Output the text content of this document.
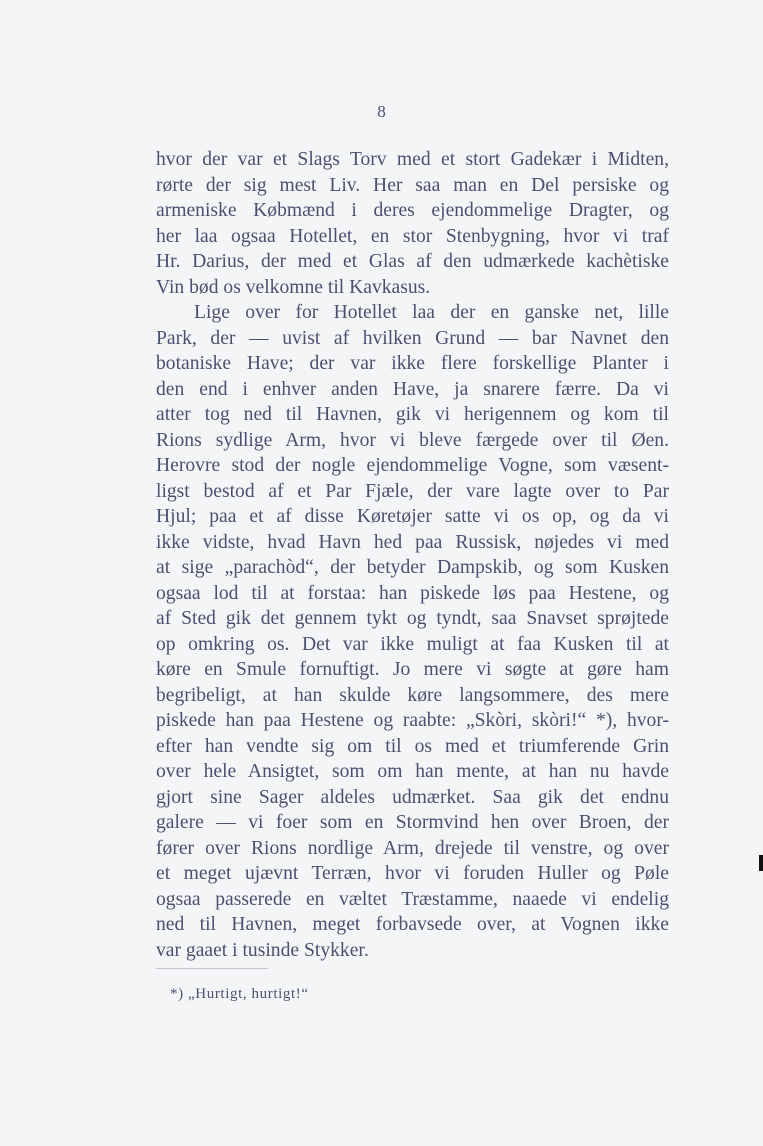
8
hvor der var et Slags Torv med et stort Gadekær i Midten,
rørte der sig mest Liv. Her saa man en Del persiske og
armeniske Købmænd i deres ejendommelige Dragter, og
her laa ogsaa Hotellet, en stor Stenbygning, hvor vi traf
Hr. Darius, der med et Glas af den udmærkede kachètiske
Vin bød os velkomne til Kavkasus.
Lige over for Hotellet laa der en ganske net, lille
Park, der — uvist af hvilken Grund — bar Navnet den
botaniske Have; der var ikke flere forskellige Planter i
den end i enhver anden Have, ja snarere færre. Da vi
atter tog ned til Havnen, gik vi herigennem og kom til
Rions sydlige Arm, hvor vi bleve færgede over til Øen.
Herovre stod der nogle ejendommelige Vogne, som væsent-
ligst bestod af et Par Fjæle, der vare lagte over to Par
Hjul; paa et af disse Køretøjer satte vi os op, og da vi
ikke vidste, hvad Havn hed paa Russisk, nøjedes vi med
at sige „parachòd“, der betyder Dampskib, og som Kusken
ogsaa lod til at forstaa: han piskede løs paa Hestene, og
af Sted gik det gennem tykt og tyndt, saa Snavset sprøjtede
op omkring os. Det var ikke muligt at faa Kusken til at
køre en Smule fornuftigt. Jo mere vi søgte at gøre ham
begribeligt, at han skulde køre langsommere, des mere
piskede han paa Hestene og raabte: „Skòri, skòri!“ *), hvor-
efter han vendte sig om til os med et triumferende Grin
over hele Ansigtet, som om han mente, at han nu havde
gjort sine Sager aldeles udmærket. Saa gik det endnu
galere — vi foer som en Stormvind hen over Broen, der
fører over Rions nordlige Arm, drejede til venstre, og over
et meget ujævnt Terræn, hvor vi foruden Huller og Pøle
ogsaa passerede en væltet Træstamme, naaede vi endelig
ned til Havnen, meget forbavsede over, at Vognen ikke
var gaaet i tusinde Stykker.
*) „Hurtigt, hurtigt!“
